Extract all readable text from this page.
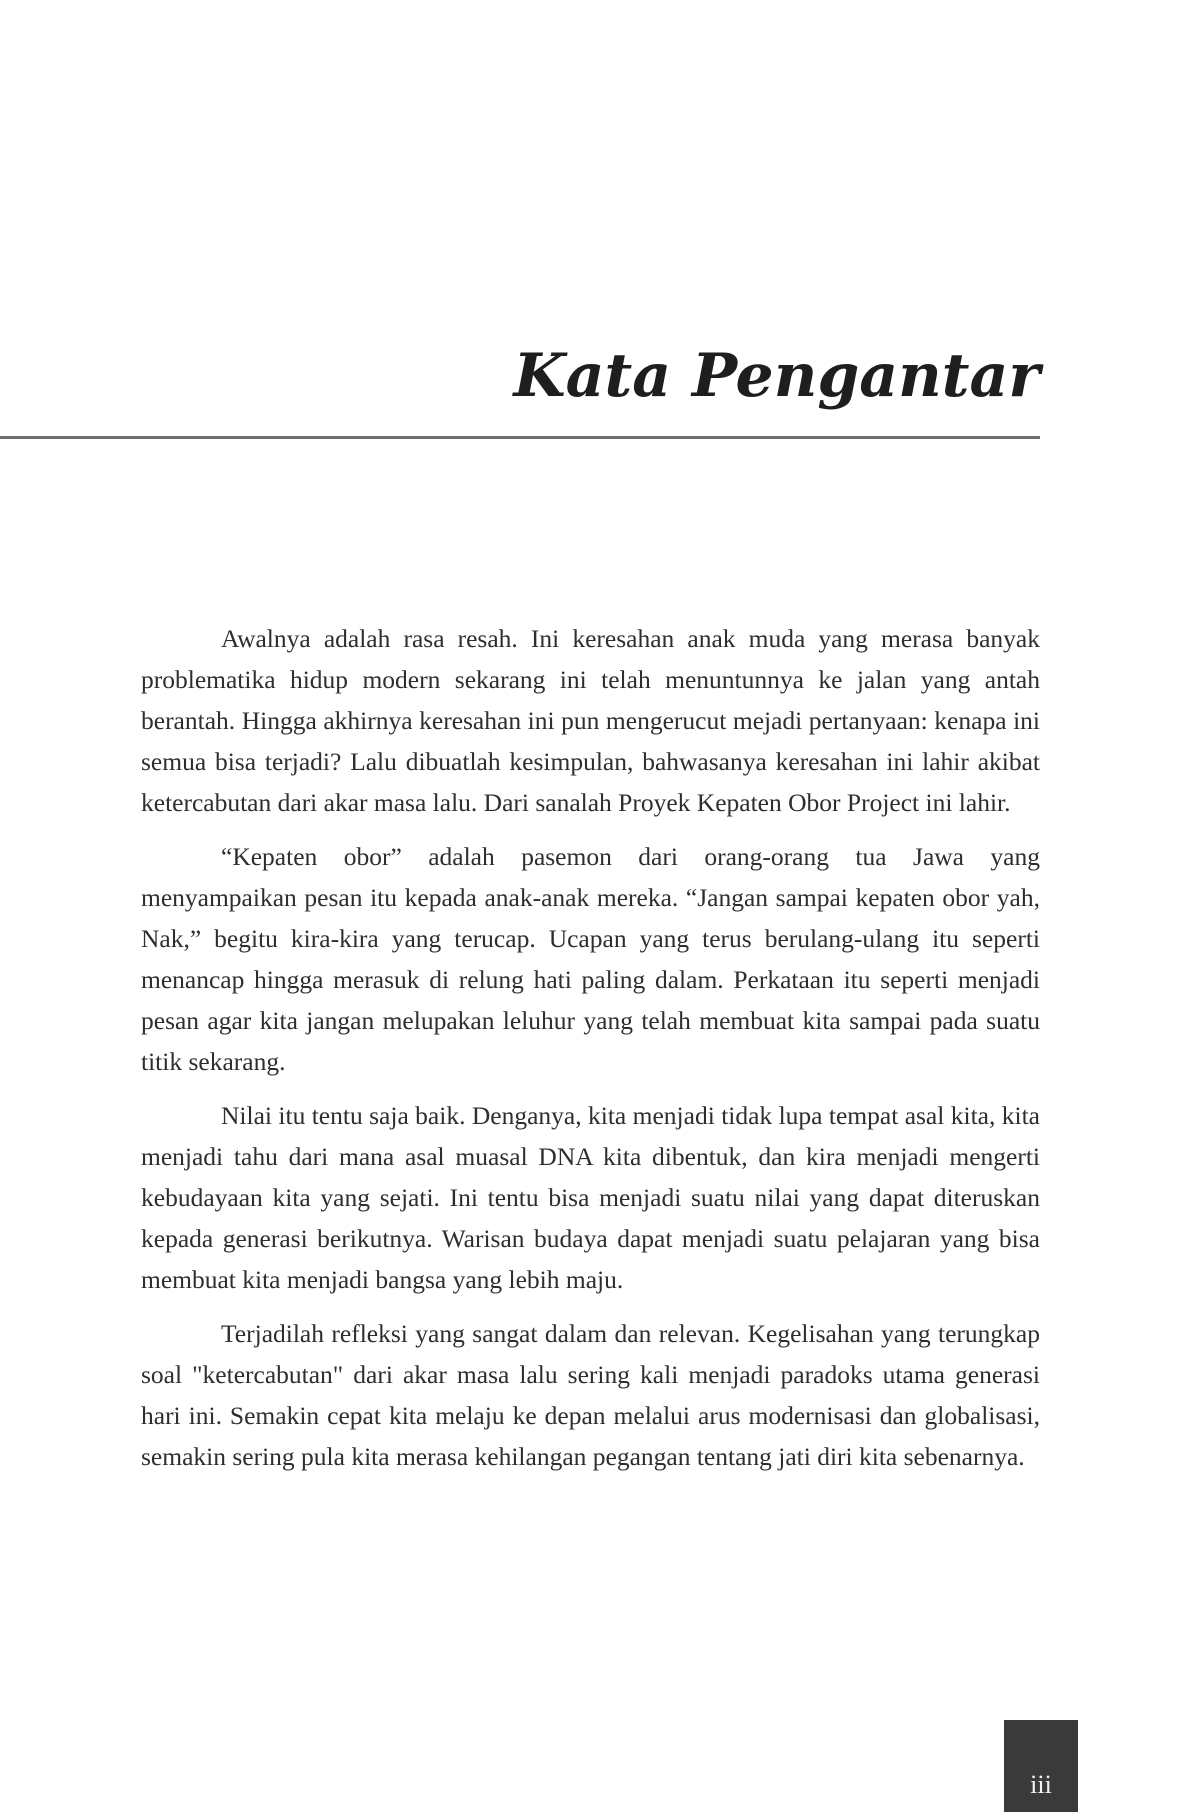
Kata Pengantar

Awalnya adalah rasa resah. Ini keresahan anak muda yang merasa banyak problematika hidup modern sekarang ini telah menuntunnya ke jalan yang antah berantah. Hingga akhirnya keresahan ini pun mengerucut mejadi pertanyaan: kenapa ini semua bisa terjadi? Lalu dibuatlah kesimpulan, bahwasanya keresahan ini lahir akibat ketercabutan dari akar masa lalu. Dari sanalah Proyek Kepaten Obor Project ini lahir.

“Kepaten obor” adalah pasemon dari orang-orang tua Jawa yang menyampaikan pesan itu kepada anak-anak mereka. “Jangan sampai kepaten obor yah, Nak,” begitu kira-kira yang terucap. Ucapan yang terus berulang-ulang itu seperti menancap hingga merasuk di relung hati paling dalam. Perkataan itu seperti menjadi pesan agar kita jangan melupakan leluhur yang telah membuat kita sampai pada suatu titik sekarang.

Nilai itu tentu saja baik. Denganya, kita menjadi tidak lupa tempat asal kita, kita menjadi tahu dari mana asal muasal DNA kita dibentuk, dan kira menjadi mengerti kebudayaan kita yang sejati. Ini tentu bisa menjadi suatu nilai yang dapat diteruskan kepada generasi berikutnya. Warisan budaya dapat menjadi suatu pelajaran yang bisa membuat kita menjadi bangsa yang lebih maju.

Terjadilah refleksi yang sangat dalam dan relevan. Kegelisahan yang terungkap soal "ketercabutan" dari akar masa lalu sering kali menjadi paradoks utama generasi hari ini. Semakin cepat kita melaju ke depan melalui arus modernisasi dan globalisasi, semakin sering pula kita merasa kehilangan pegangan tentang jati diri kita sebenarnya.

iii
